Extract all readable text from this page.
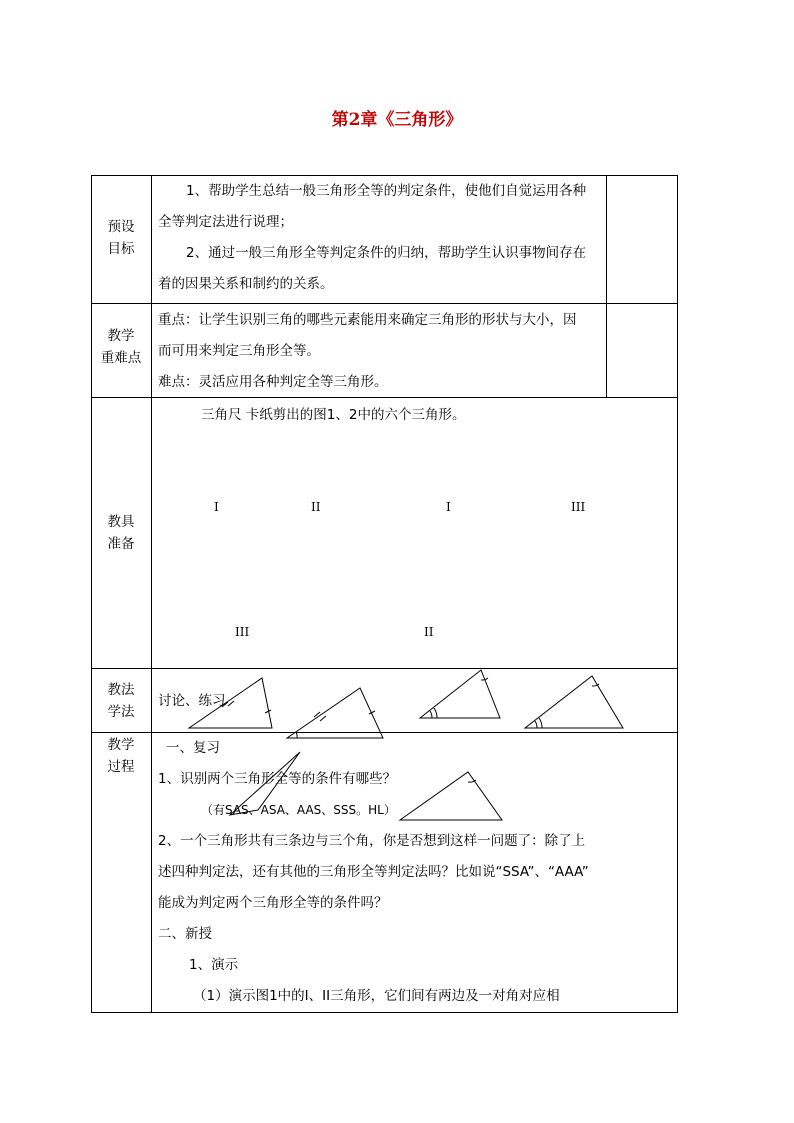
第2章《三角形》
预设
目标
1、帮助学生总结一般三角形全等的判定条件，使他们自觉运用各种
全等判定法进行说理；
2、通过一般三角形全等判定条件的归纳，帮助学生认识事物间存在
着的因果关系和制约的关系。
教学
重难点
重点：让学生识别三角的哪些元素能用来确定三角形的形状与大小，因
而可用来判定三角形全等。
难点：灵活应用各种判定全等三角形。
教具
准备
三角尺 卡纸剪出的图1、2中的六个三角形。
I	II	I	III
III	II
教法
学法
讨论、练习
教学
过程
一、复习
1、识别两个三角形全等的条件有哪些？
（有SAS、ASA、AAS、SSS。HL）
2、一个三角形共有三条边与三个角，你是否想到这样一问题了：除了上
述四种判定法，还有其他的三角形全等判定法吗？比如说“SSA”、“AAA”
能成为判定两个三角形全等的条件吗？
二、新授
1、演示
（1）演示图1中的I、II三角形，它们间有两边及一对角对应相
